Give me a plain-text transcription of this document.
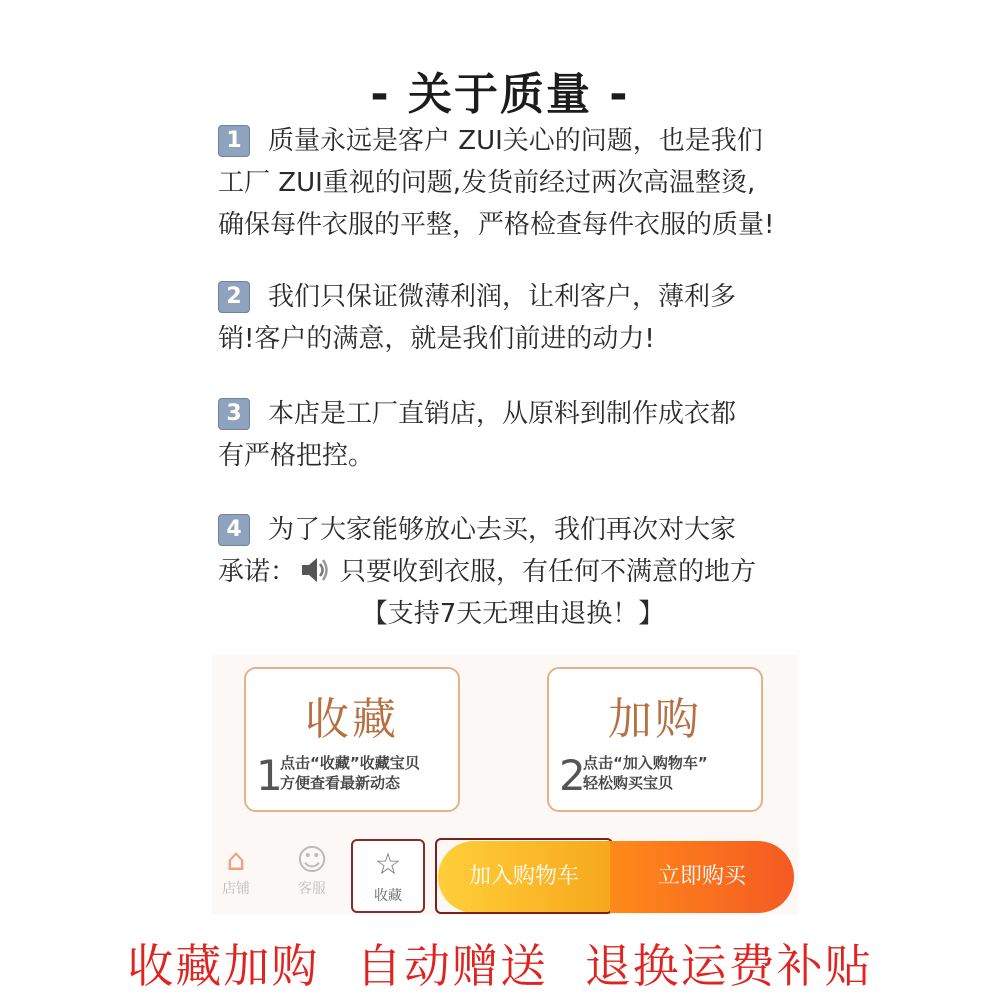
- 关于质量 -
1 质量永远是客户 ZUI关心的问题，也是我们
工厂 ZUI重视的问题,发货前经过两次高温整烫,
确保每件衣服的平整，严格检查每件衣服的质量!
2 我们只保证微薄利润，让利客户，薄利多
销!客户的满意，就是我们前进的动力!
3 本店是工厂直销店，从原料到制作成衣都
有严格把控。
4 为了大家能够放心去买，我们再次对大家
承诺： 只要收到衣服，有任何不满意的地方

【支持7天无理由退换！】
收藏
1
点击“收藏”收藏宝贝
方便查看最新动态
加购
2
点击“加入购物车”
轻松购买宝贝
⌂
店铺
☺
客服
☆
收藏
加入购物车	立即购买
收藏加购 自动赠送 退换运费补贴
